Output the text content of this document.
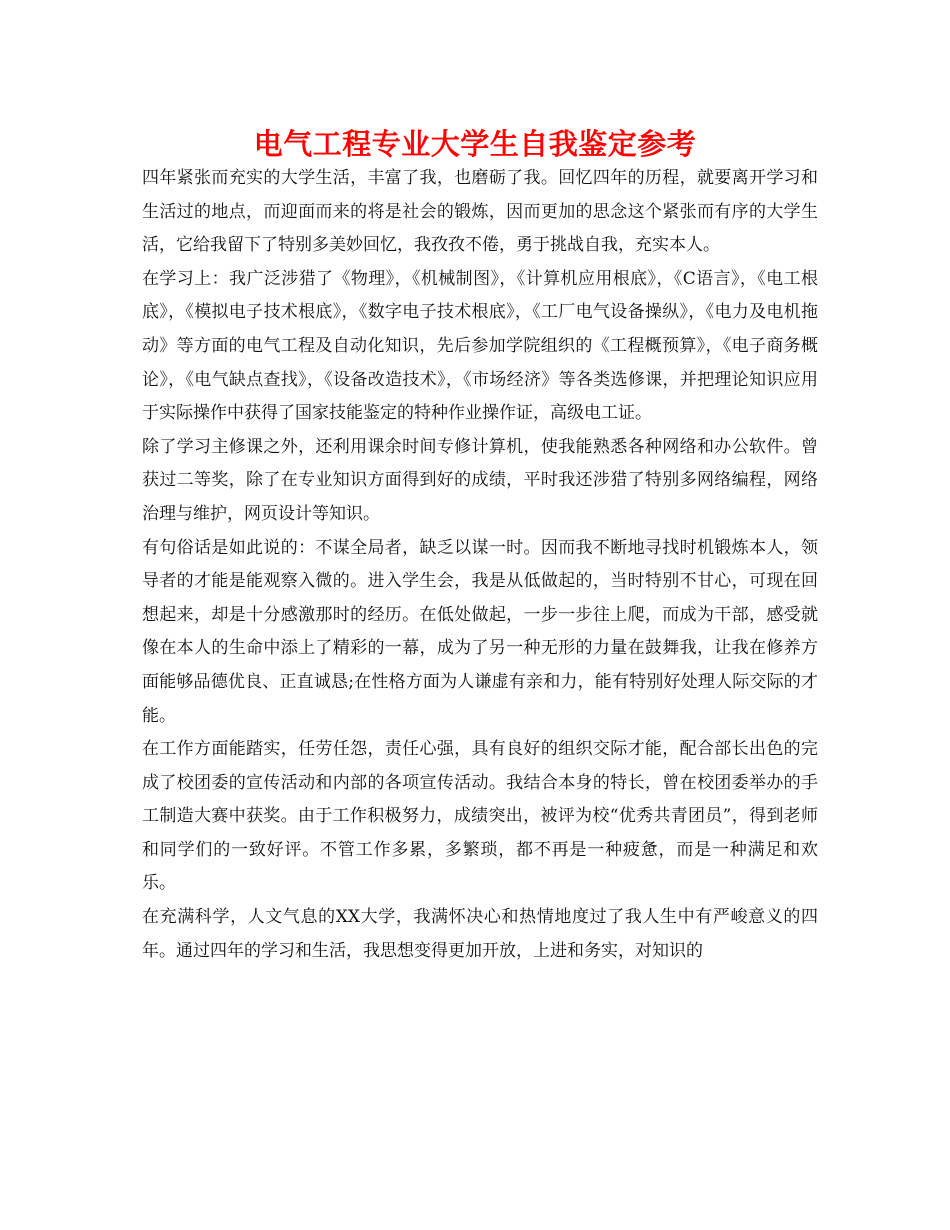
电气工程专业大学生自我鉴定参考

四年紧张而充实的大学生活，丰富了我，也磨砺了我。回忆四年的历程，就要离开学习和生活过的地点，而迎面而来的将是社会的锻炼，因而更加的思念这个紧张而有序的大学生活，它给我留下了特别多美妙回忆，我孜孜不倦，勇于挑战自我，充实本人。

在学习上：我广泛涉猎了《物理》，《机械制图》，《计算机应用根底》，《C语言》，《电工根底》，《模拟电子技术根底》，《数字电子技术根底》，《工厂电气设备操纵》，《电力及电机拖动》等方面的电气工程及自动化知识，先后参加学院组织的《工程概预算》，《电子商务概论》，《电气缺点查找》，《设备改造技术》，《市场经济》等各类选修课，并把理论知识应用于实际操作中获得了国家技能鉴定的特种作业操作证，高级电工证。

除了学习主修课之外，还利用课余时间专修计算机，使我能熟悉各种网络和办公软件。曾获过二等奖，除了在专业知识方面得到好的成绩，平时我还涉猎了特别多网络编程，网络治理与维护，网页设计等知识。

有句俗话是如此说的：不谋全局者，缺乏以谋一时。因而我不断地寻找时机锻炼本人，领导者的才能是能观察入微的。进入学生会，我是从低做起的，当时特别不甘心，可现在回想起来，却是十分感激那时的经历。在低处做起，一步一步往上爬，而成为干部，感受就像在本人的生命中添上了精彩的一幕，成为了另一种无形的力量在鼓舞我，让我在修养方面能够品德优良、正直诚恳;在性格方面为人谦虚有亲和力，能有特别好处理人际交际的才能。

在工作方面能踏实，任劳任怨，责任心强，具有良好的组织交际才能，配合部长出色的完成了校团委的宣传活动和内部的各项宣传活动。我结合本身的特长，曾在校团委举办的手工制造大赛中获奖。由于工作积极努力，成绩突出，被评为校“优秀共青团员”，得到老师和同学们的一致好评。不管工作多累，多繁琐，都不再是一种疲惫，而是一种满足和欢乐。

在充满科学，人文气息的XX大学，我满怀决心和热情地度过了我人生中有严峻意义的四年。通过四年的学习和生活，我思想变得更加开放，上进和务实，对知识的
